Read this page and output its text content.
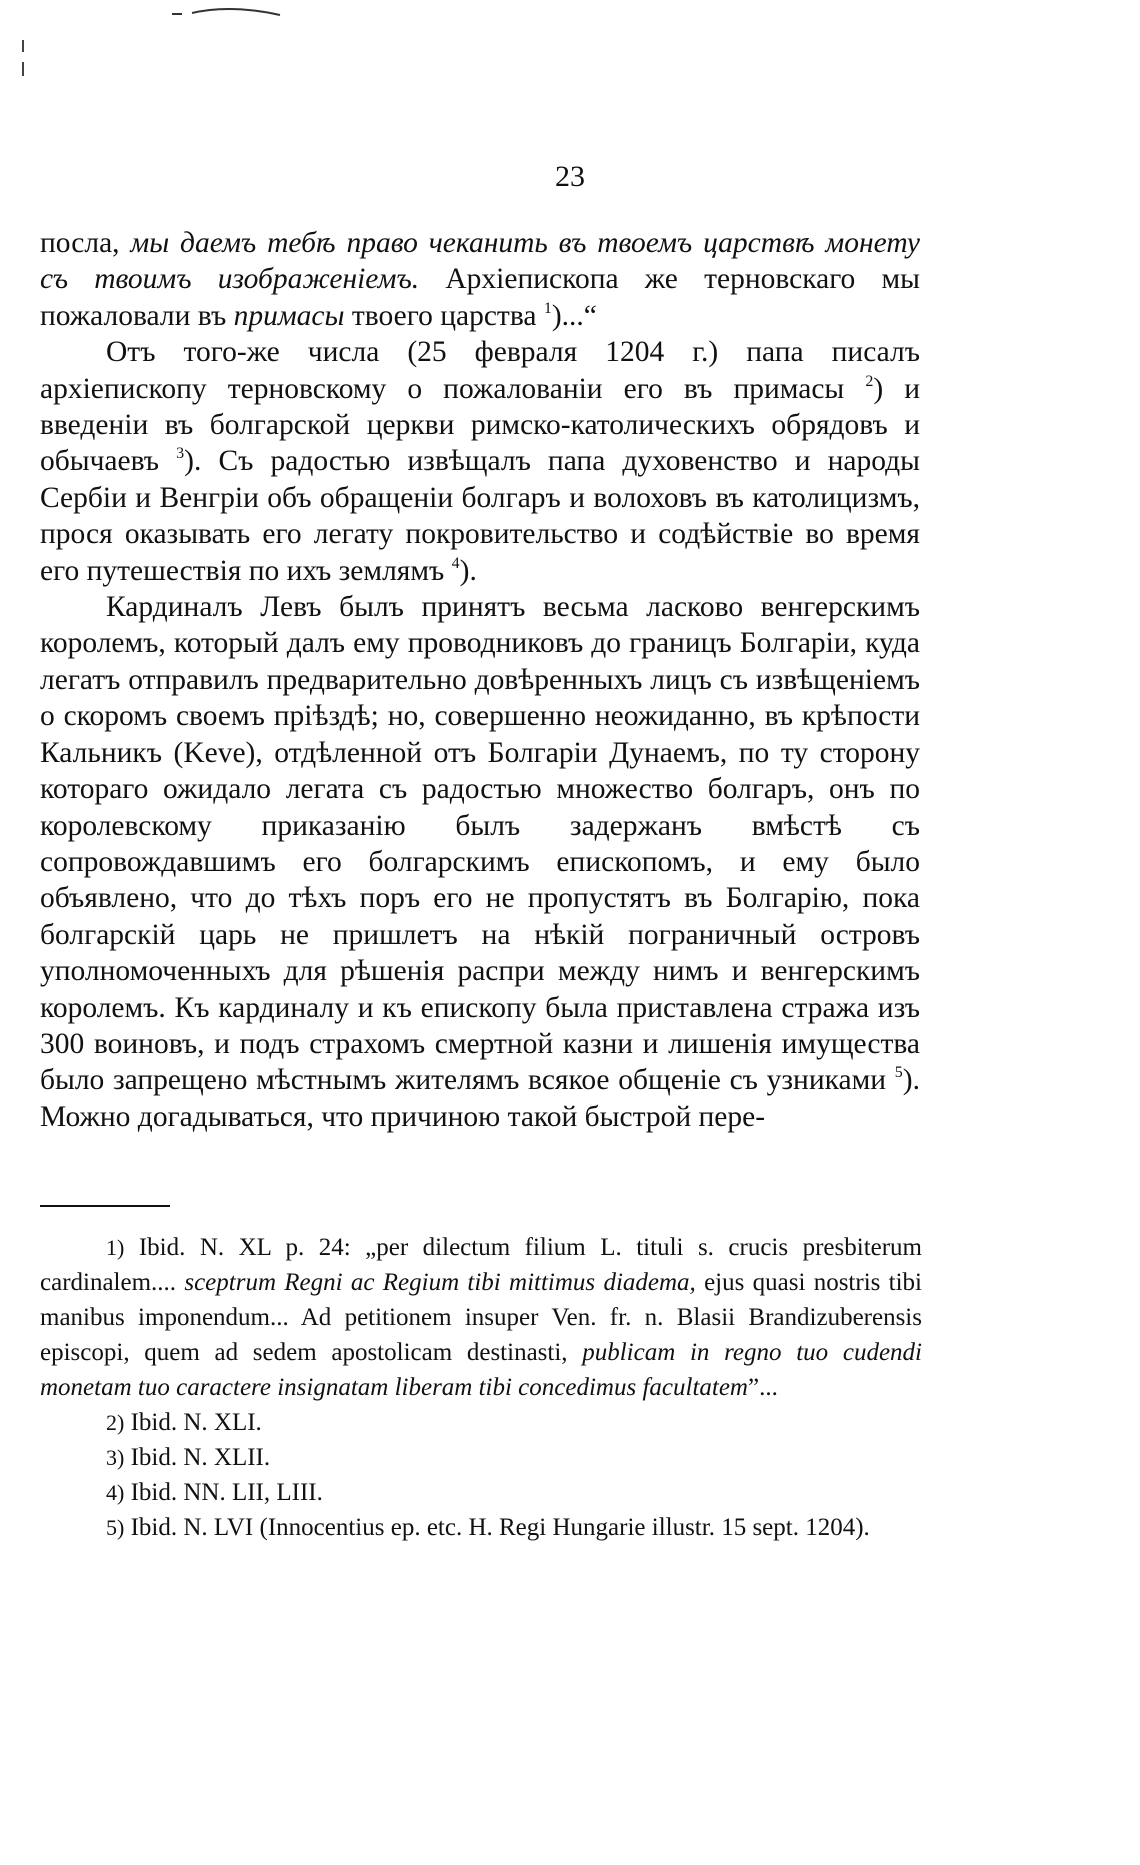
23

посла, мы даемъ тебѣ право чеканить въ твоемъ царствѣ монету съ твоимъ изображеніемъ. Архіепископа же терновскаго мы пожаловали въ примасы твоего царства $^1$)...“

Отъ того-же числа (25 февраля 1204 г.) папа писалъ архіепископу терновскому о пожалованіи его въ примасы $^2$) и введеніи въ болгарской церкви римско-католическихъ обрядовъ и обычаевъ $^3$). Съ радостью извѣщалъ папа духовенство и народы Сербіи и Венгріи объ обращеніи болгаръ и волоховъ въ католицизмъ, прося оказывать его легату покровительство и содѣйствіе во время его путешествія по ихъ землямъ $^4$).

Кардиналъ Левъ былъ принятъ весьма ласково венгерскимъ королемъ, который далъ ему проводниковъ до границъ Болгаріи, куда легатъ отправилъ предварительно довѣренныхъ лицъ съ извѣщеніемъ о скоромъ своемъ пріѣздѣ; но, совершенно неожиданно, въ крѣпости Кальникъ (Keve), отдѣленной отъ Болгаріи Дунаемъ, по ту сторону котораго ожидало легата съ радостью множество болгаръ, онъ по королевскому приказанію былъ задержанъ вмѣстѣ съ сопровождавшимъ его болгарскимъ епископомъ, и ему было объявлено, что до тѣхъ поръ его не пропустятъ въ Болгарію, пока болгарскій царь не пришлетъ на нѣкій пограничный островъ уполномоченныхъ для рѣшенія распри между нимъ и венгерскимъ королемъ. Къ кардиналу и къ епископу была приставлена стража изъ 300 воиновъ, и подъ страхомъ смертной казни и лишенія имущества было запрещено мѣстнымъ жителямъ всякое общеніе съ узниками $^5$). Можно догадываться, что причиною такой быстрой пере-

1) Ibid. N. XL p. 24: „per dilectum filium L. tituli s. crucis presbiterum cardinalem.... sceptrum Regni ac Regium tibi mittimus diadema, ejus quasi nostris tibi manibus imponendum... Ad petitionem insuper Ven. fr. n. Blasii Brandizuberensis episcopi, quem ad sedem apostolicam destinasti, publicam in regno tuo cudendi monetam tuo caractere insignatam liberam tibi concedimus facultatem”...

2) Ibid. N. XLI.

3) Ibid. N. XLII.

4) Ibid. NN. LII, LIII.

5) Ibid. N. LVI (Innocentius ep. etc. H. Regi Hungarie illustr. 15 sept. 1204).
